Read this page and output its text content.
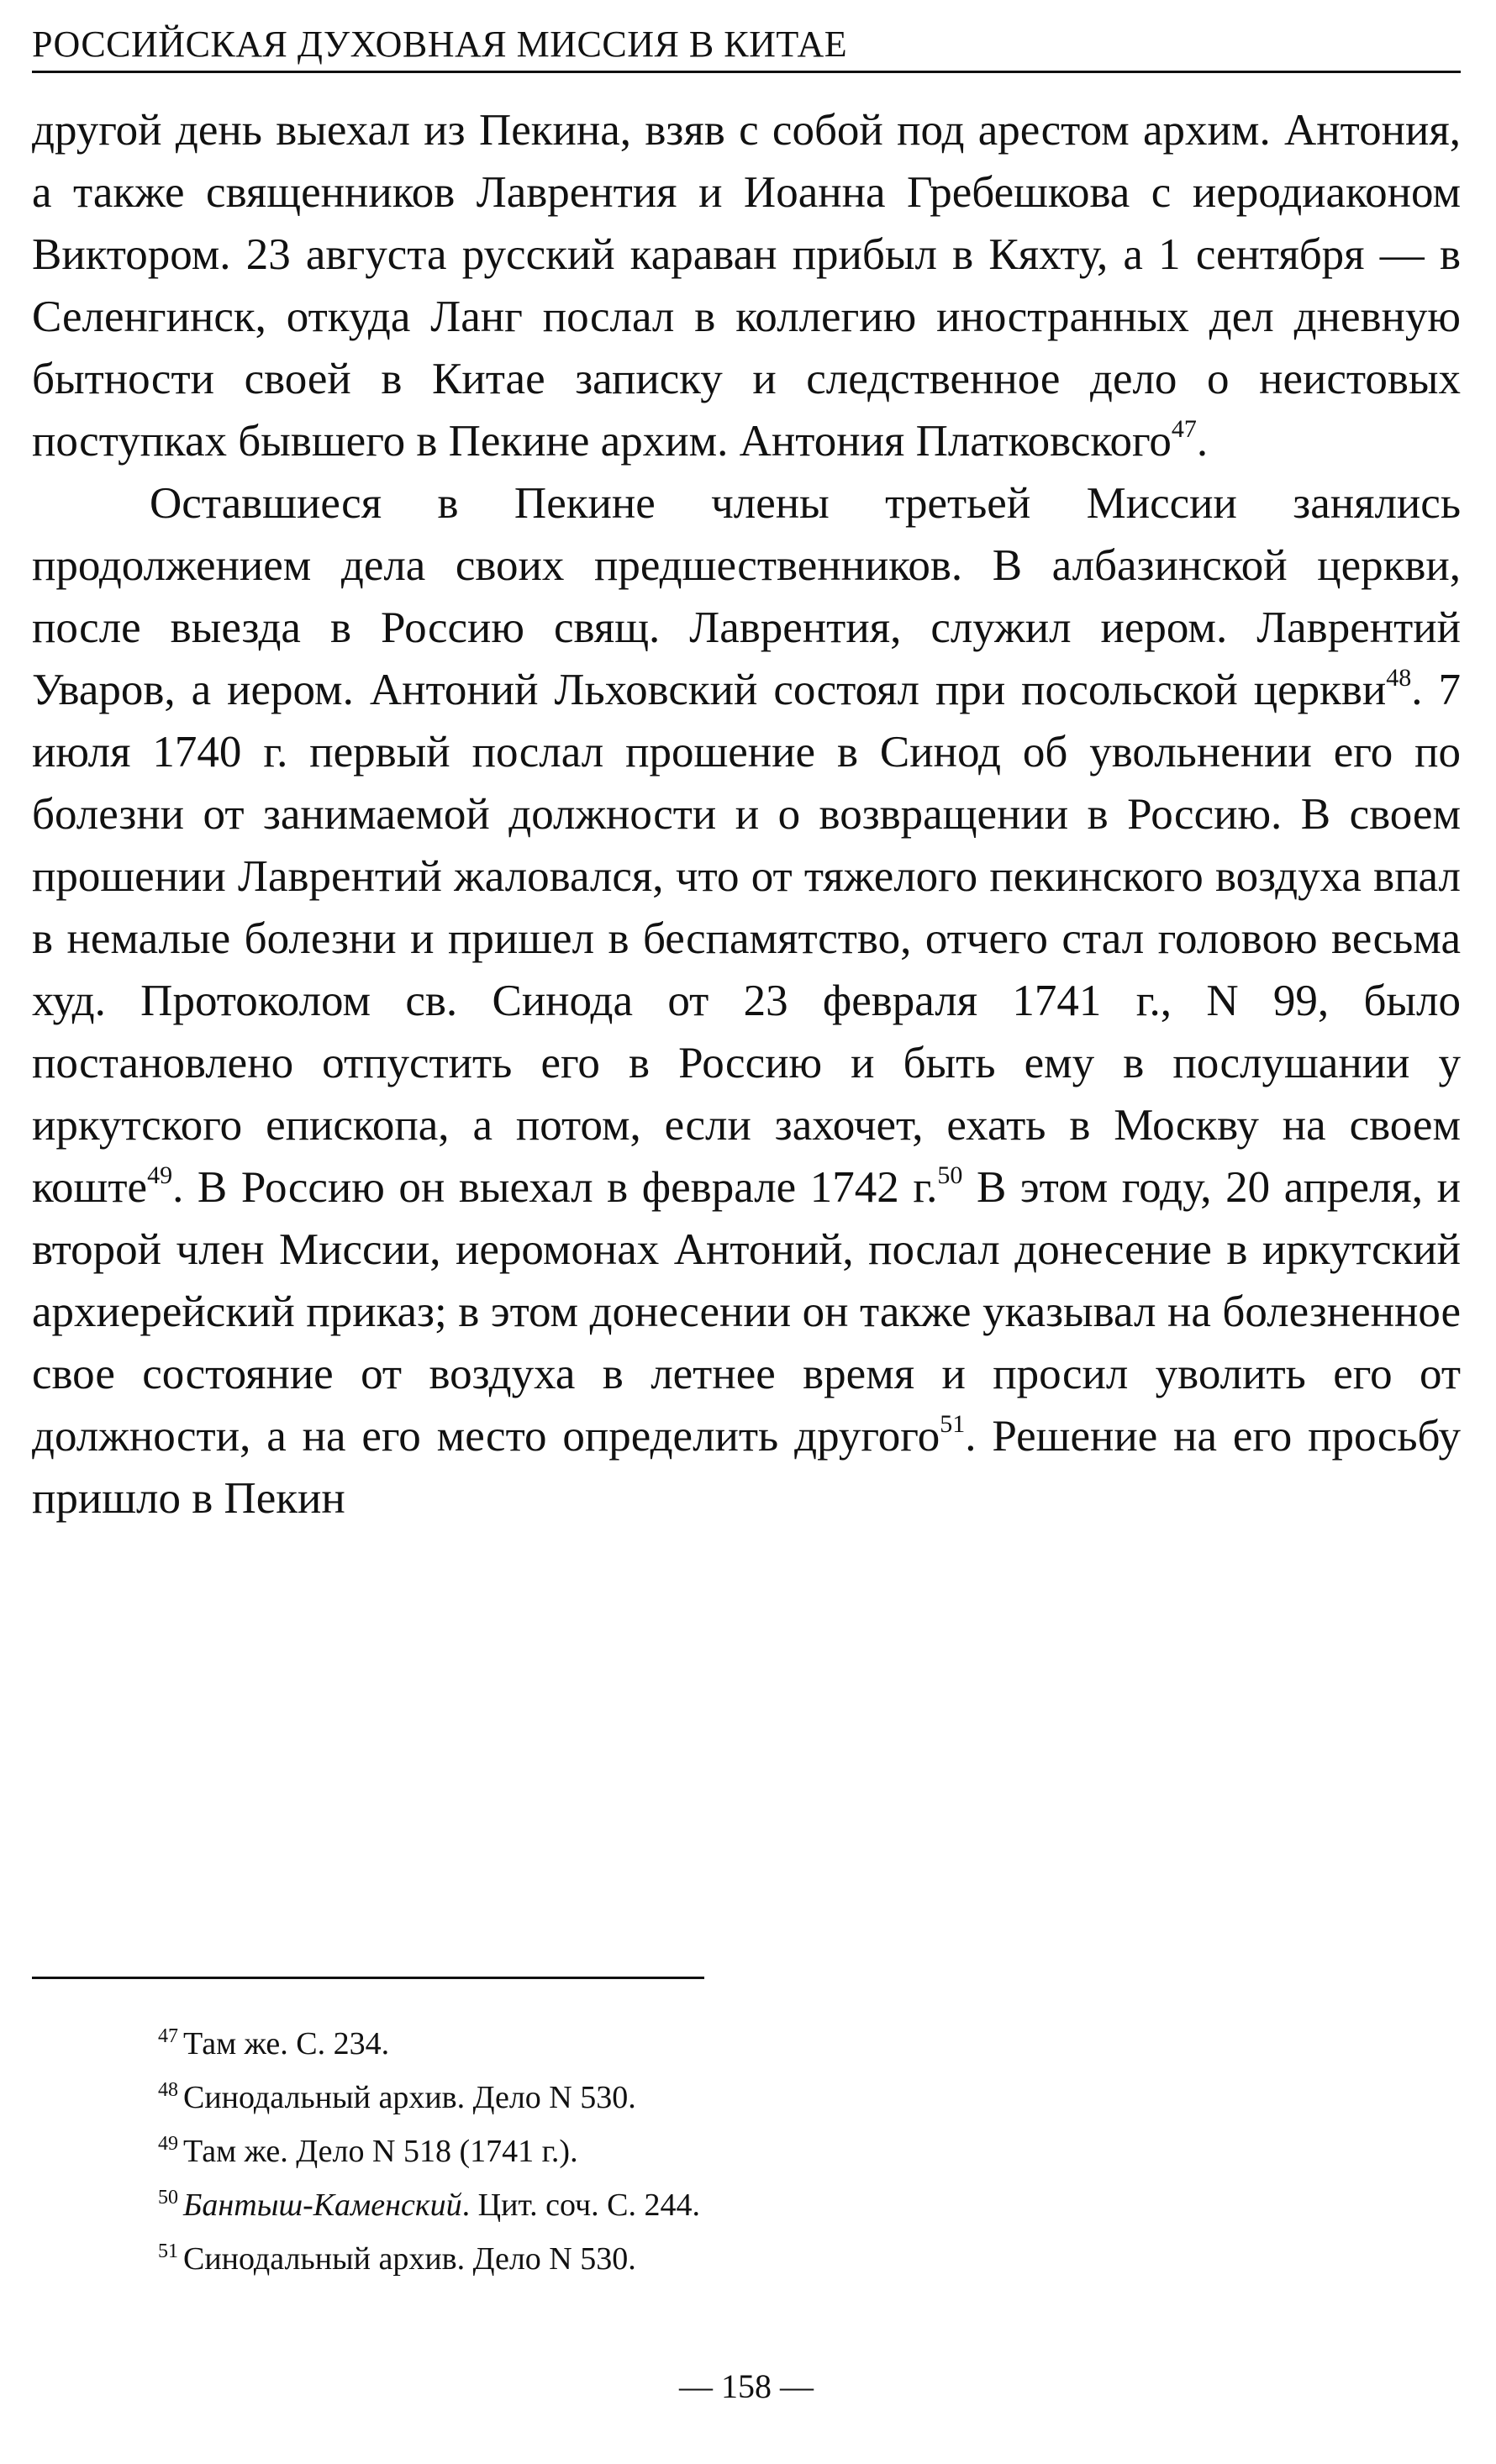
РОССИЙСКАЯ ДУХОВНАЯ МИССИЯ В КИТАЕ

другой день выехал из Пекина, взяв с собой под арестом архим. Антония, а также священников Лаврентия и Иоанна Гребешкова с иеродиаконом Виктором. 23 августа русский караван прибыл в Кяхту, а 1 сентября — в Селенгинск, откуда Ланг послал в коллегию иностранных дел дневную бытности своей в Китае записку и следственное дело о неистовых поступках бывшего в Пекине архим. Антония Платковского$^{47}$.

Оставшиеся в Пекине члены третьей Миссии занялись продолжением дела своих предшественников. В албазинской церкви, после выезда в Россию свящ. Лаврентия, служил иером. Лаврентий Уваров, а иером. Антоний Льховский состоял при посольской церкви$^{48}$. 7 июля 1740 г. первый послал прошение в Синод об увольнении его по болезни от занимаемой должности и о возвращении в Россию. В своем прошении Лаврентий жаловался, что от тяжелого пекинского воздуха впал в немалые болезни и пришел в беспамятство, отчего стал головою весьма худ. Протоколом св. Синода от 23 февраля 1741 г., N 99, было постановлено отпустить его в Россию и быть ему в послушании у иркутского епископа, а потом, если захочет, ехать в Москву на своем коште$^{49}$. В Россию он выехал в феврале 1742 г.$^{50}$ В этом году, 20 апреля, и второй член Миссии, иеромонах Антоний, послал донесение в иркутский архиерейский приказ; в этом донесении он также указывал на болезненное свое состояние от воздуха в летнее время и просил уволить его от должности, а на его место определить другого$^{51}$. Решение на его просьбу пришло в Пекин

$^{47}$ Там же. С. 234.

$^{48}$ Синодальный архив. Дело N 530.

$^{49}$ Там же. Дело N 518 (1741 г.).

$^{50}$ Бантыш-Каменский. Цит. соч. С. 244.

$^{51}$ Синодальный архив. Дело N 530.

— 158 —
